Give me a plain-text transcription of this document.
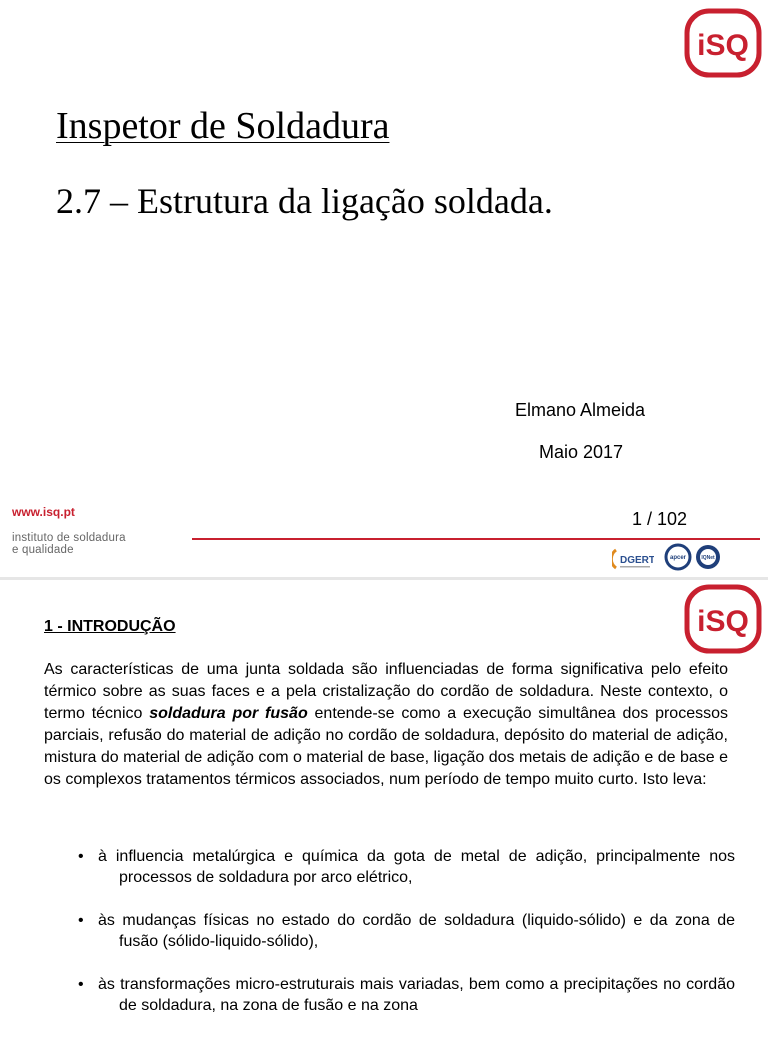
iSQ
Inspetor de Soldadura
2.7 – Estrutura da ligação soldada.
Elmano Almeida
Maio 2017
1 / 102
www.isq.pt
instituto de soldadura
e qualidade
DGERT apcer	IQNet
iSQ
1 - INTRODUÇÃO
As características de uma junta soldada são influenciadas de forma significativa pelo efeito térmico sobre as suas faces e a pela cristalização do cordão de soldadura. Neste contexto, o termo técnico soldadura por fusão entende-se como a execução simultânea dos processos parciais, refusão do material de adição no cordão de soldadura, depósito do material de adição, mistura do material de adição com o material de base, ligação dos metais de adição e de base e os complexos tratamentos térmicos associados, num período de tempo muito curto. Isto leva:
• à influencia metalúrgica e química da gota de metal de adição, principalmente nos processos de soldadura por arco elétrico,
• às mudanças físicas no estado do cordão de soldadura (liquido-sólido) e da zona de fusão (sólido-liquido-sólido),
• às transformações micro-estruturais mais variadas, bem como a precipitações no cordão de soldadura, na zona de fusão e na zona
